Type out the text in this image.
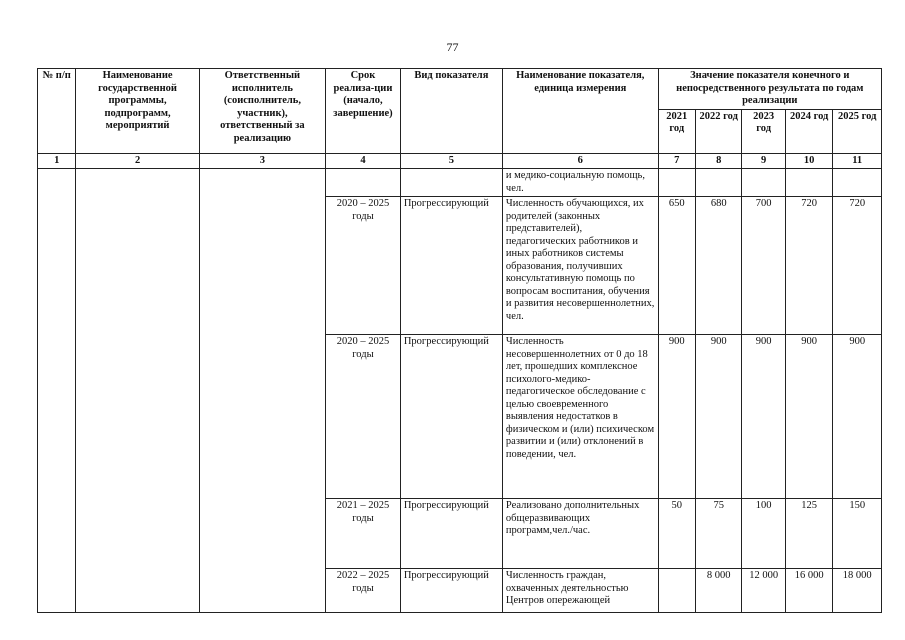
77
№ п/п	Наименование государственной программы, подпрограмм, мероприятий	Ответственный исполнитель (соисполнитель, участник), ответственный за реализацию	Срок реализа-ции (начало, завершение)	Вид показателя	Наименование показателя, единица измерения	Значение показателя конечного и непосредственного результата по годам реализации				
						2021 год	2022 год	2023 год	2024 год	2025 год
1	2	3	4	5	6	7	8	9	10	11
					и медико-социальную помощь, чел.					
			2020 – 2025 годы	Прогрессирующий	Численность обучающихся, их родителей (законных представителей), педагогических работников и иных работников системы образования, получивших консультативную помощь по вопросам воспитания, обучения и развития несовершеннолетних, чел.	650	680	700	720	720
			2020 – 2025 годы	Прогрессирующий	Численность несовершеннолетних от 0 до 18 лет, прошедших комплексное психолого-медико-педагогическое обследование с целью своевременного выявления недостатков в физическом и (или) психическом развитии и (или) отклонений в поведении, чел.	900	900	900	900	900
			2021 – 2025 годы	Прогрессирующий	Реализовано дополнительных общеразвивающих программ,чел./час.	50	75	100	125	150
			2022 – 2025 годы	Прогрессирующий	Численность граждан, охваченных деятельностью Центров опережающей		8 000	12 000	16 000	18 000
